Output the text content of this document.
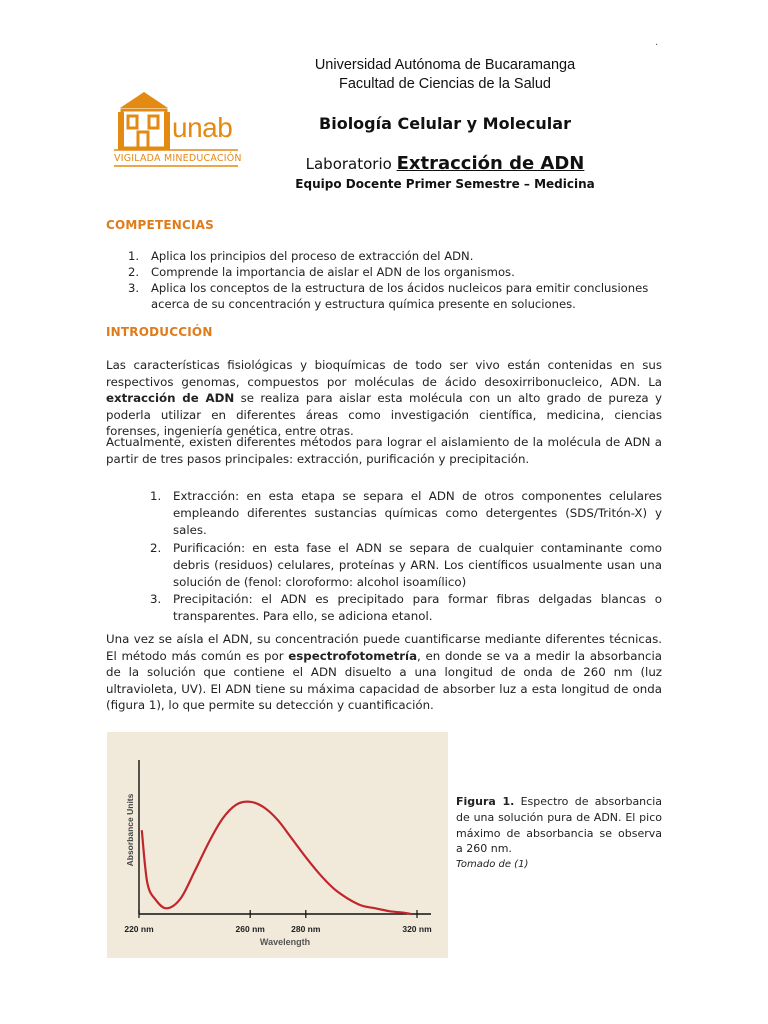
·
unab
VIGILADA MINEDUCACIÓN
Universidad Autónoma de Bucaramanga
Facultad de Ciencias de la Salud
Biología Celular y Molecular
Laboratorio Extracción de ADN
Equipo Docente Primer Semestre – Medicina
COMPETENCIAS
1. Aplica los principios del proceso de extracción del ADN.
2. Comprende la importancia de aislar el ADN de los organismos.
3. Aplica los conceptos de la estructura de los ácidos nucleicos para emitir conclusiones acerca de su concentración y estructura química presente en soluciones.
INTRODUCCIÓN
Las características fisiológicas y bioquímicas de todo ser vivo están contenidas en sus respectivos genomas, compuestos por moléculas de ácido desoxirribonucleico, ADN. La extracción de ADN se realiza para aislar esta molécula con un alto grado de pureza y poderla utilizar en diferentes áreas como investigación científica, medicina, ciencias forenses, ingeniería genética, entre otras.
Actualmente, existen diferentes métodos para lograr el aislamiento de la molécula de ADN a partir de tres pasos principales: extracción, purificación y precipitación.
1. Extracción: en esta etapa se separa el ADN de otros componentes celulares empleando diferentes sustancias químicas como detergentes (SDS/Tritón-X) y sales.
2. Purificación: en esta fase el ADN se separa de cualquier contaminante como debris (residuos) celulares, proteínas y ARN. Los científicos usualmente usan una solución de (fenol: cloroformo: alcohol isoamílico)
3. Precipitación: el ADN es precipitado para formar fibras delgadas blancas o transparentes. Para ello, se adiciona etanol.
Una vez se aísla el ADN, su concentración puede cuantificarse mediante diferentes técnicas. El método más común es por espectrofotometría, en donde se va a medir la absorbancia de la solución que contiene el ADN disuelto a una longitud de onda de 260 nm (luz ultravioleta, UV). El ADN tiene su máxima capacidad de absorber luz a esta longitud de onda (figura 1), lo que permite su detección y cuantificación.
220 nm	260 nm	280 nm	320 nm
Absorbance Units
Wavelength
Figura 1. Espectro de absorbancia de una solución pura de ADN. El pico máximo de absorbancia se observa a 260 nm.
Tomado de (1)
